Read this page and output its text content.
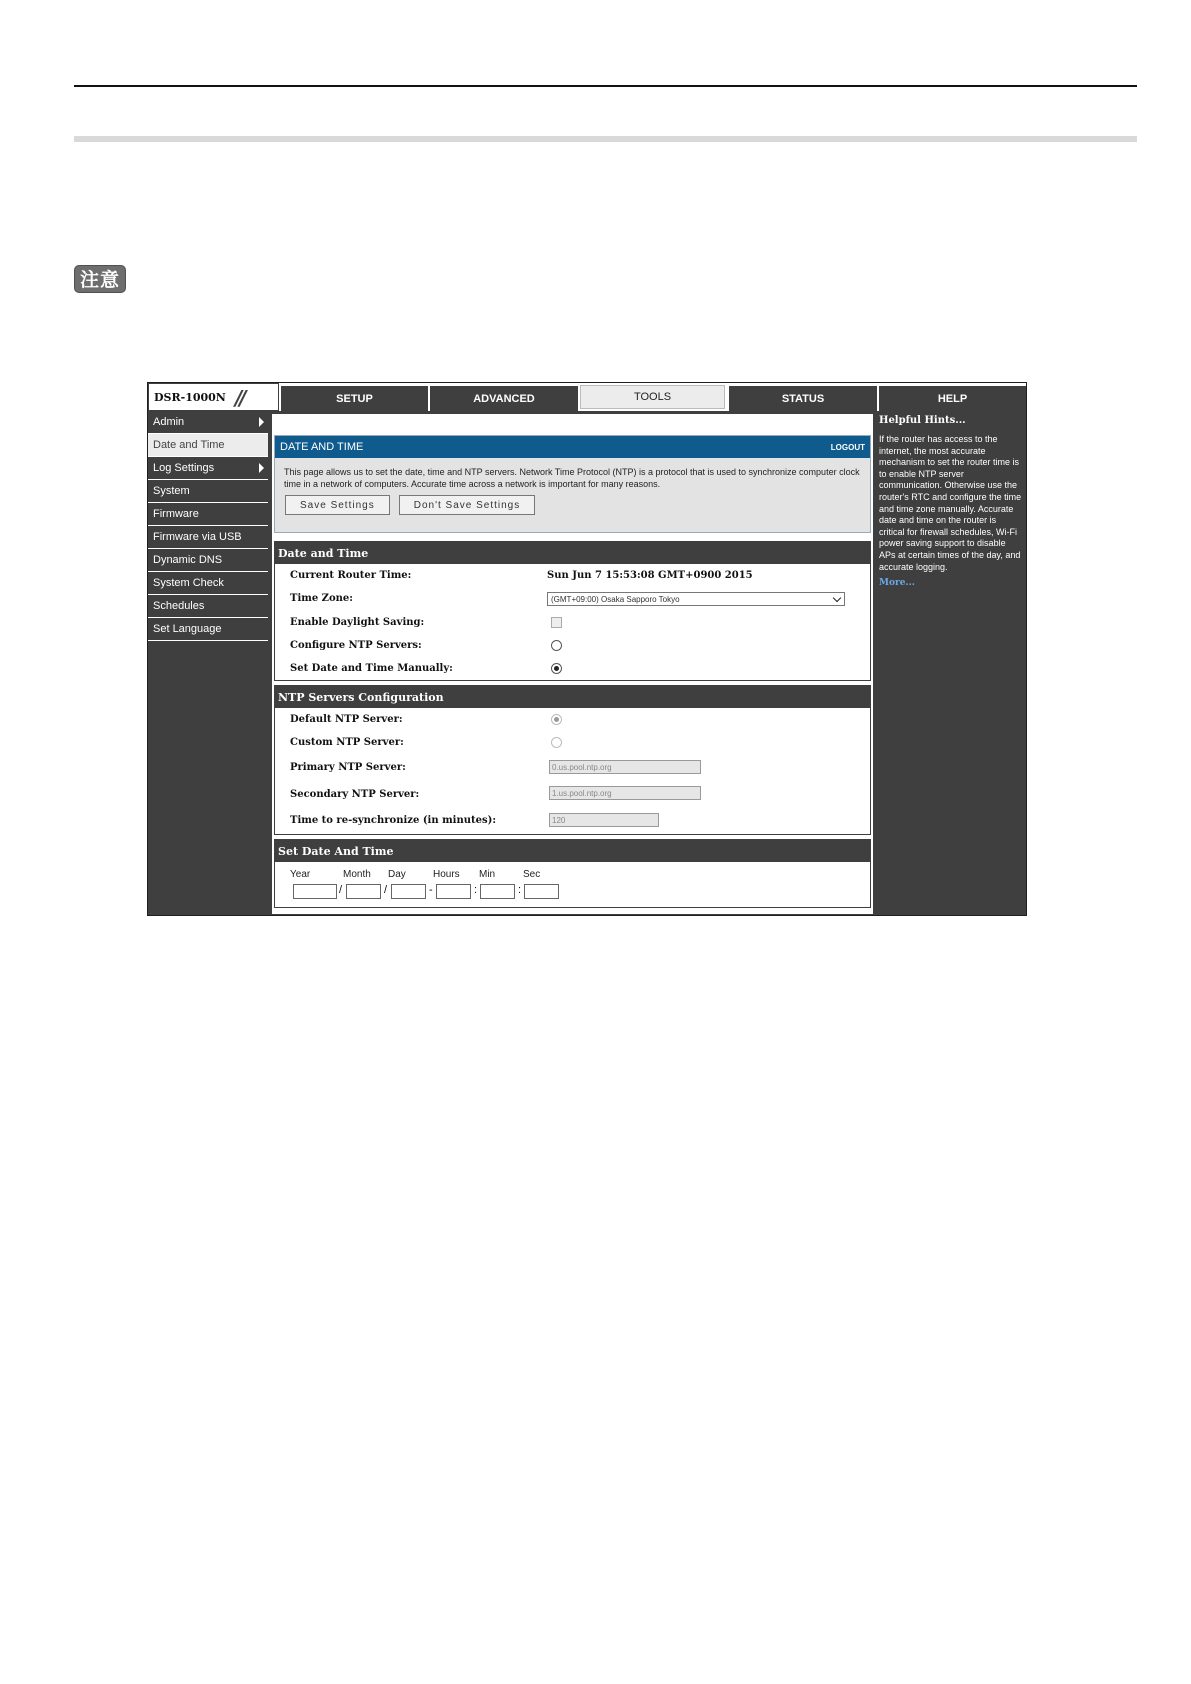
注意
DSR-1000N //	SETUP	ADVANCED	TOOLS	STATUS	HELP
Admin
Date and Time
Log Settings
System
Firmware
Firmware via USB
Dynamic DNS
System Check
Schedules
Set Language
DATE AND TIME	LOGOUT
This page allows us to set the date, time and NTP servers. Network Time Protocol (NTP) is a protocol that is used to synchronize computer clock time in a network of computers. Accurate time across a network is important for many reasons.
Save Settings	Don't Save Settings
Date and Time
Current Router Time:	Sun Jun 7 15:53:08 GMT+0900 2015
Time Zone:	(GMT+09:00) Osaka Sapporo Tokyo
Enable Daylight Saving:
Configure NTP Servers:
Set Date and Time Manually:
NTP Servers Configuration
Default NTP Server:
Custom NTP Server:
Primary NTP Server:	0.us.pool.ntp.org
Secondary NTP Server:	1.us.pool.ntp.org
Time to re-synchronize (in minutes):	120
Set Date And Time
Year	Month Day	Hours Min	Sec
/	/	-	:	:
Helpful Hints...
If the router has access to the internet, the most accurate mechanism to set the router time is to enable NTP server communication. Otherwise use the router's RTC and configure the time and time zone manually. Accurate date and time on the router is critical for firewall schedules, Wi-Fi power saving support to disable APs at certain times of the day, and accurate logging.
More...
